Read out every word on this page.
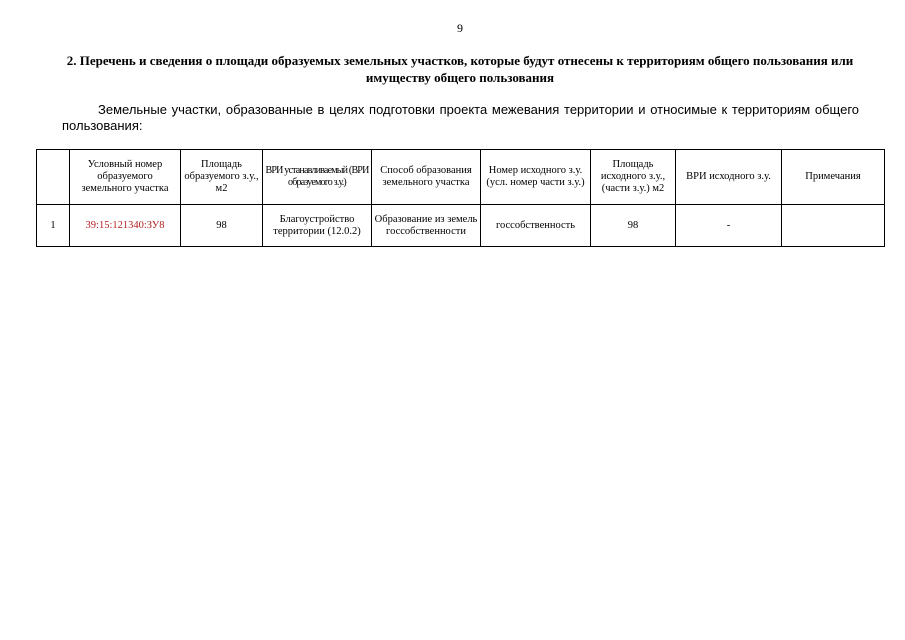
9
2. Перечень и сведения о площади образуемых земельных участков, которые будут отнесены к территориям общего пользования или имуществу общего пользования
Земельные участки, образованные в целях подготовки проекта межевания территории и относимые к территориям общего пользования:
	Условный номер образуемого земельного участка	Площадь образуемого з.у., м2	ВРИ устанавливаемый (ВРИ образуемого з.у.)	Способ образования земельного участка	Номер исходного з.у. (усл. номер части з.у.)	Площадь исходного з.у., (части з.у.) м2	ВРИ исходного з.у.	Примечания
1	39:15:121340:ЗУ8	98	Благоустройство территории (12.0.2)	Образование из земель госсобственности	госсобственность	98	-	
